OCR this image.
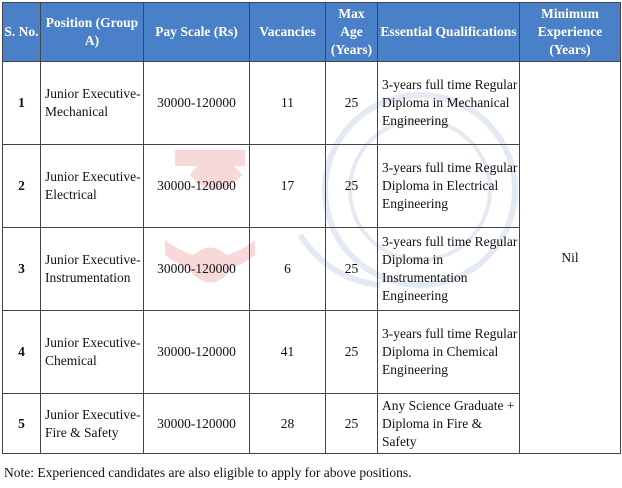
S. No.	Position (Group A)	Pay Scale (Rs)	Vacancies	Max Age (Years)	Essential Qualifications	Minimum Experience (Years)
1	Junior Executive-Mechanical	30000-120000	11	25	3-years full time Regular Diploma in Mechanical Engineering	Nil
2	Junior Executive-Electrical	30000-120000	17	25	3-years full time Regular Diploma in Electrical Engineering	
3	Junior Executive-Instrumentation	30000-120000	6	25	3-years full time Regular Diploma in Instrumentation Engineering	
4	Junior Executive-Chemical	30000-120000	41	25	3-years full time Regular Diploma in Chemical Engineering	
5	Junior Executive- Fire & Safety	30000-120000	28	25	Any Science Graduate + Diploma in Fire & Safety	
Note: Experienced candidates are also eligible to apply for above positions.
